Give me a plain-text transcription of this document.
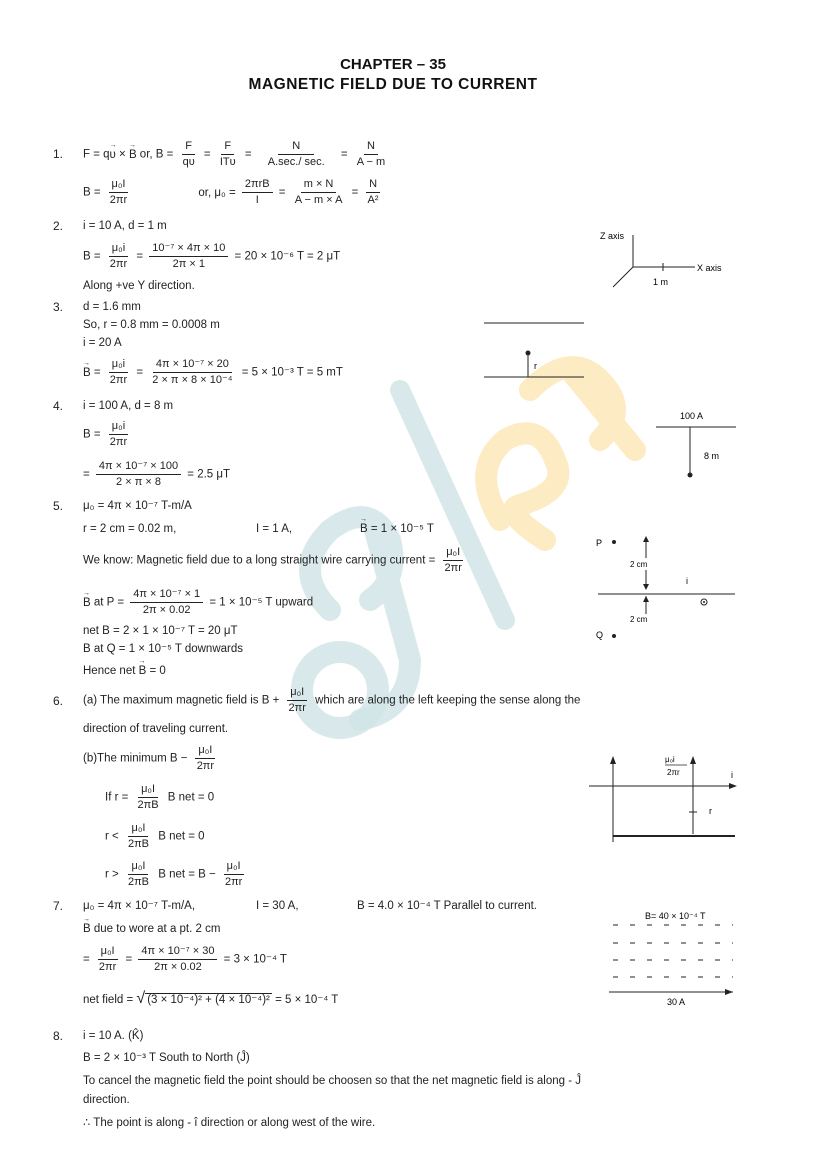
oglen
CHAPTER – 35
MAGNETIC FIELD DUE TO CURRENT
1. F = q→ υ × → B or, $B = \frac{F}{q\upsilon} = \frac{F}{\text{ITυ}} = \frac{N}{A.\sec./ \sec.} = \frac{N}{A - m}$
$B = \frac{\text{μ₀I}}{2\pi r}$	or, $\mu_0 = \frac{\text{2πrB}}{I} = \frac{m \times N}{A - m \times A} = \frac{N}{\text{A²}}$
2. i = 10 A, d = 1 m
$B = \frac{\text{μ₀i}}{2\pi r} = \frac{\text{10⁻⁷ × 4π × 10}}{2\pi \times 1} = 20 \times 10^{-6}$ T = 2 μT
Along +ve Y direction.
Z axis
X axis
1 m
3. d = 1.6 mm
So, r = 0.8 mm = 0.0008 m
i = 20 A
→ $B = \frac{\text{μ₀i}}{2\pi r} = \frac{\text{4π × 10⁻⁷ × 20}}{\text{2 × π × 8 × 10⁻⁴}} = 5 \times 10^{-3}$ T = 5 mT
r
4. i = 100 A, d = 8 m
$B = \frac{\text{μ₀i}}{2\pi r}$
= $\frac{\text{4π × 10⁻⁷ × 100}}{2 \times \pi \times 8} = 2.5$ μT
100 A
8 m
5. μ₀ = 4π × 10⁻⁷ T-m/A
r = 2 cm = 0.02 m,	I = 1 A,	→ B = 1 × 10⁻⁵ T
We know: Magnetic field due to a long straight wire carrying current = $\frac{\text{μ₀I}}{2\pi r}$
→ B at $P = \frac{\text{4π × 10⁻⁷ × 1}}{2\pi \times 0.02} = 1 \times 10^{-5}$ T upward
net B = 2 × 1 × 10⁻⁷ T = 20 μT
B at Q = 1 × 10⁻⁵ T downwards
Hence net → B = 0
P
2 cm
i
2 cm
Q
6. (a) The maximum magnetic field is $B + \frac{\text{μ₀I}}{2\pi r}$ which are along the left keeping the sense along the
direction of traveling current.
(b)The minimum $B - \frac{\text{μ₀I}}{2\pi r}$
If $r = \frac{\text{μ₀I}}{2\pi B}$ B net = 0
$r < \frac{\text{μ₀I}}{2\pi B}$ B net = 0
$r > \frac{\text{μ₀I}}{2\pi B}$ B net = $B - \frac{\text{μ₀I}}{2\pi r}$
μ₀i
2πr	i
r
7. μ₀ = 4π × 10⁻⁷ T-m/A,	I = 30 A,	B = 4.0 × 10⁻⁴ T Parallel to current.
→ B due to wore at a pt. 2 cm
= $\frac{\text{μ₀I}}{2\pi r} = \frac{\text{4π × 10⁻⁷ × 30}}{2\pi \times 0.02} = 3 \times 10^{-4}$ T
net field = √ (3 × 10⁻⁴)² + (4 × 10⁻⁴)² = 5 × 10⁻⁴ T
B= 40 × 10⁻⁴ T
30 A
8. i = 10 A. (K̂)
B = 2 × 10⁻³ T South to North (Ĵ)
To cancel the magnetic field the point should be choosen so that the net magnetic field is along - Ĵ
direction.
∴ The point is along - î direction or along west of the wire.
